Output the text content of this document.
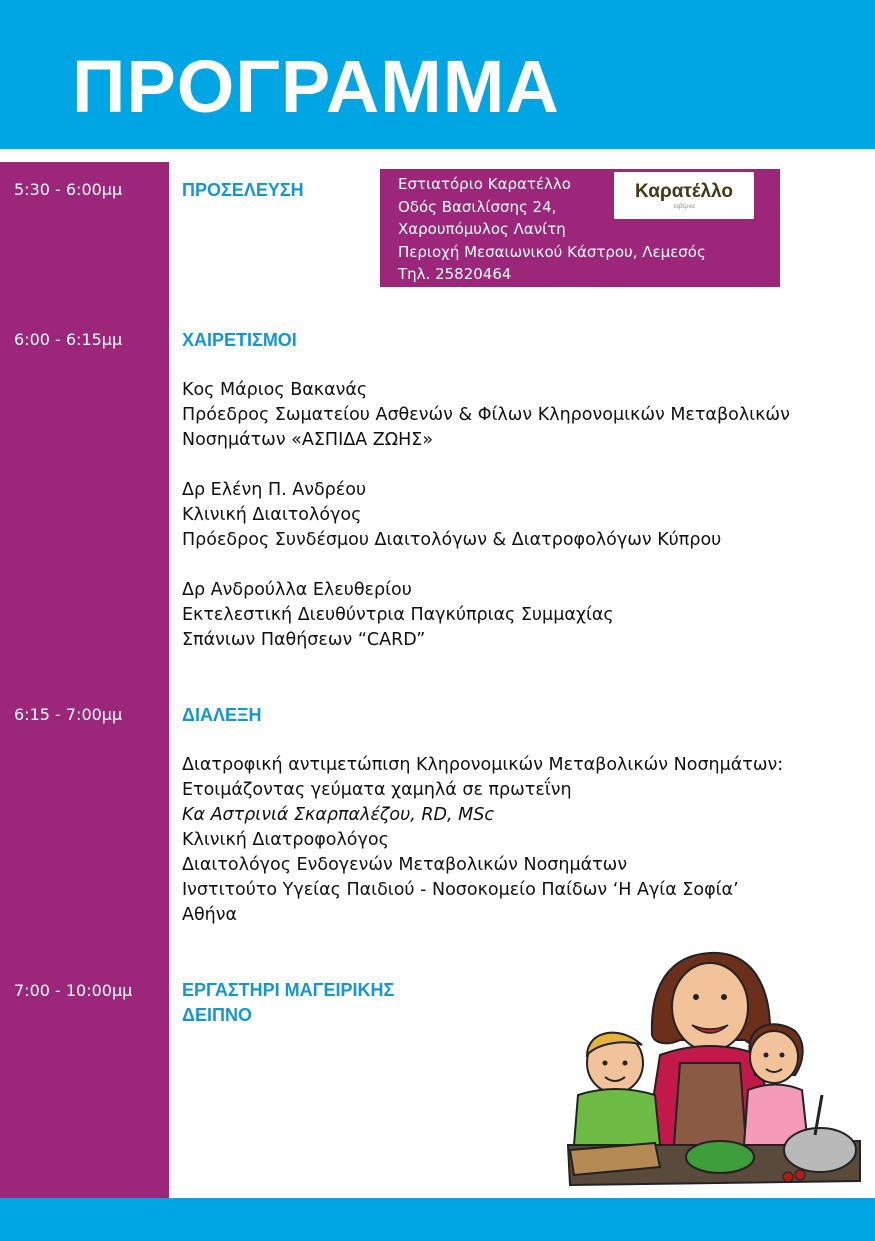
ΠΡΟΓΡΑΜΜΑ
5:30 - 6:00μμ
6:00 - 6:15μμ
6:15 - 7:00μμ
7:00 - 10:00μμ
ΠΡΟΣΕΛΕΥΣΗ	Εστιατόριο Καρατέλλο
Οδός Βασιλίσσης 24,
Χαρουπόμυλος Λανίτη
Περιοχή Μεσαιωνικού Κάστρου, Λεμεσός
Τηλ. 25820464
Καρατέλλο
ταβέρνα
ΧΑΙΡΕΤΙΣΜΟΙ
Κος Μάριος Βακανάς
Πρόεδρος Σωματείου Ασθενών & Φίλων Κληρονομικών Μεταβολικών
Νοσημάτων «ΑΣΠΙΔΑ ΖΩΗΣ»

Δρ Ελένη Π. Ανδρέου
Κλινική Διαιτολόγος
Πρόεδρος Συνδέσμου Διαιτολόγων & Διατροφολόγων Κύπρου

Δρ Ανδρούλλα Ελευθερίου
Εκτελεστική Διευθύντρια Παγκύπριας Συμμαχίας
Σπάνιων Παθήσεων “CARD”
ΔΙΑΛΕΞΗ
Διατροφική αντιμετώπιση Κληρονομικών Μεταβολικών Νοσημάτων:
Ετοιμάζοντας γεύματα χαμηλά σε πρωτεΐνη
Κα Αστρινιά Σκαρπαλέζου, RD, MSc
Κλινική Διατροφολόγος
Διαιτολόγος Ενδογενών Μεταβολικών Νοσημάτων
Ινστιτούτο Υγείας Παιδιού - Νοσοκομείο Παίδων ‘Η Αγία Σοφία’
Αθήνα
ΕΡΓΑΣΤΗΡΙ ΜΑΓΕΙΡΙΚΗΣ
ΔΕΙΠΝΟ
